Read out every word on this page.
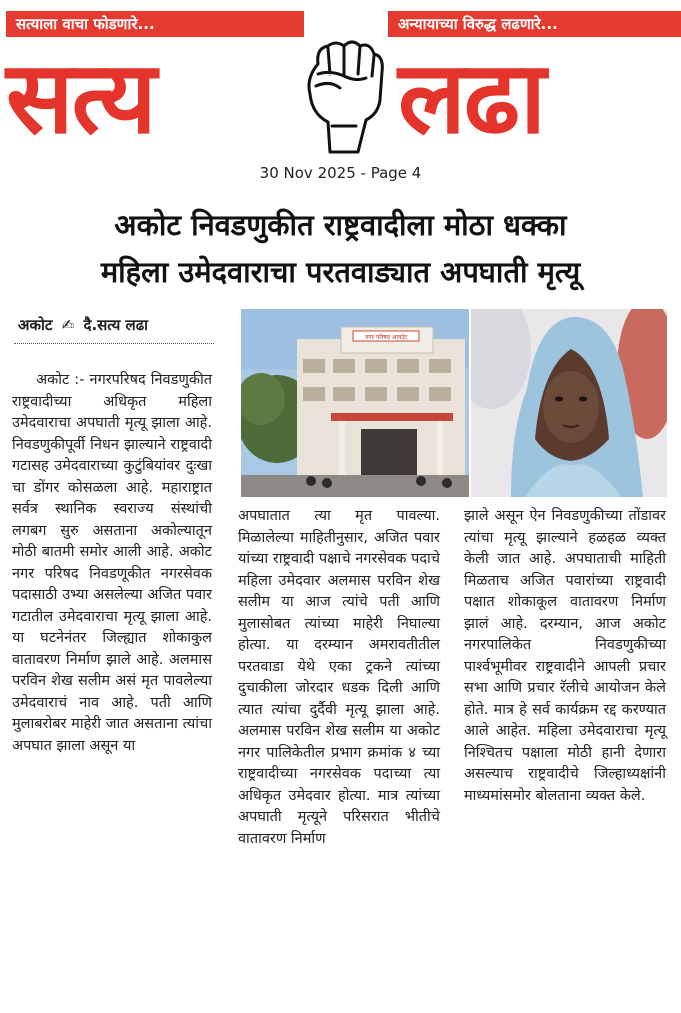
सत्याला वाचा फोडणारे...	अन्यायाच्या विरुद्ध लढणारे...
सत्य लढा
30 Nov 2025 - Page 4
अकोट निवडणुकीत राष्ट्रवादीला मोठा धक्का
महिला उमेदवाराचा परतवाड्यात अपघाती मृत्यू
अकोट ✍ दै.सत्य लढा
नगर परिषद आकोट

अकोट :- नगरपरिषद निवडणुकीत राष्ट्रवादीच्या अधिकृत महिला उमेदवाराचा अपघाती मृत्यू झाला आहे. निवडणुकीपूर्वी निधन झाल्याने राष्ट्रवादी गटासह उमेदवाराच्या कुटुंबियांवर दुःखा चा डोंगर कोसळला आहे. महाराष्ट्रात सर्वत्र स्थानिक स्वराज्य संस्थांची लगबग सुरु असताना अकोल्यातून मोठी बातमी समोर आली आहे. अकोट नगर परिषद निवडणूकीत नगरसेवक पदासाठी उभ्या असलेल्या अजित पवार गटातील उमेदवाराचा मृत्यू झाला आहे. या घटनेनंतर जिल्ह्यात शोकाकुल वातावरण निर्माण झाले आहे. अलमास परविन शेख सलीम असं मृत पावलेल्या उमेदवाराचं नाव आहे. पती आणि मुलाबरोबर माहेरी जात असताना त्यांचा अपघात झाला असून या

अपघातात त्या मृत पावल्या. मिळालेल्या माहितीनुसार, अजित पवार यांच्या राष्ट्रवादी पक्षाचे नगरसेवक पदाचे महिला उमेदवार अलमास परविन शेख सलीम या आज त्यांचे पती आणि मुलासोबत त्यांच्या माहेरी निघाल्या होत्या. या दरम्यान अमरावतीतील परतवाडा येथे एका ट्रकने त्यांच्या दुचाकीला जोरदार धडक दिली आणि त्यात त्यांचा दुर्दैवी मृत्यू झाला आहे. अलमास परविन शेख सलीम या अकोट नगर पालिकेतील प्रभाग क्रमांक ४ च्या राष्ट्रवादीच्या नगरसेवक पदाच्या त्या अधिकृत उमेदवार होत्या. मात्र त्यांच्या अपघाती मृत्यूने परिसरात भीतीचे वातावरण निर्माण

झाले असून ऐन निवडणुकीच्या तोंडावर त्यांचा मृत्यू झाल्याने हळहळ व्यक्त केली जात आहे. अपघाताची माहिती मिळताच अजित पवारांच्या राष्ट्रवादी पक्षात शोकाकूल वातावरण निर्माण झालं आहे. दरम्यान, आज अकोट नगरपालिकेत निवडणुकीच्या पार्श्वभूमीवर राष्ट्रवादीने आपली प्रचार सभा आणि प्रचार रॅलीचे आयोजन केले होते. मात्र हे सर्व कार्यक्रम रद्द करण्यात आले आहेत. महिला उमेदवाराचा मृत्यू निश्चितच पक्षाला मोठी हानी देणारा असल्याच राष्ट्रवादीचे जिल्हाध्यक्षांनी माध्यमांसमोर बोलताना व्यक्त केले.
